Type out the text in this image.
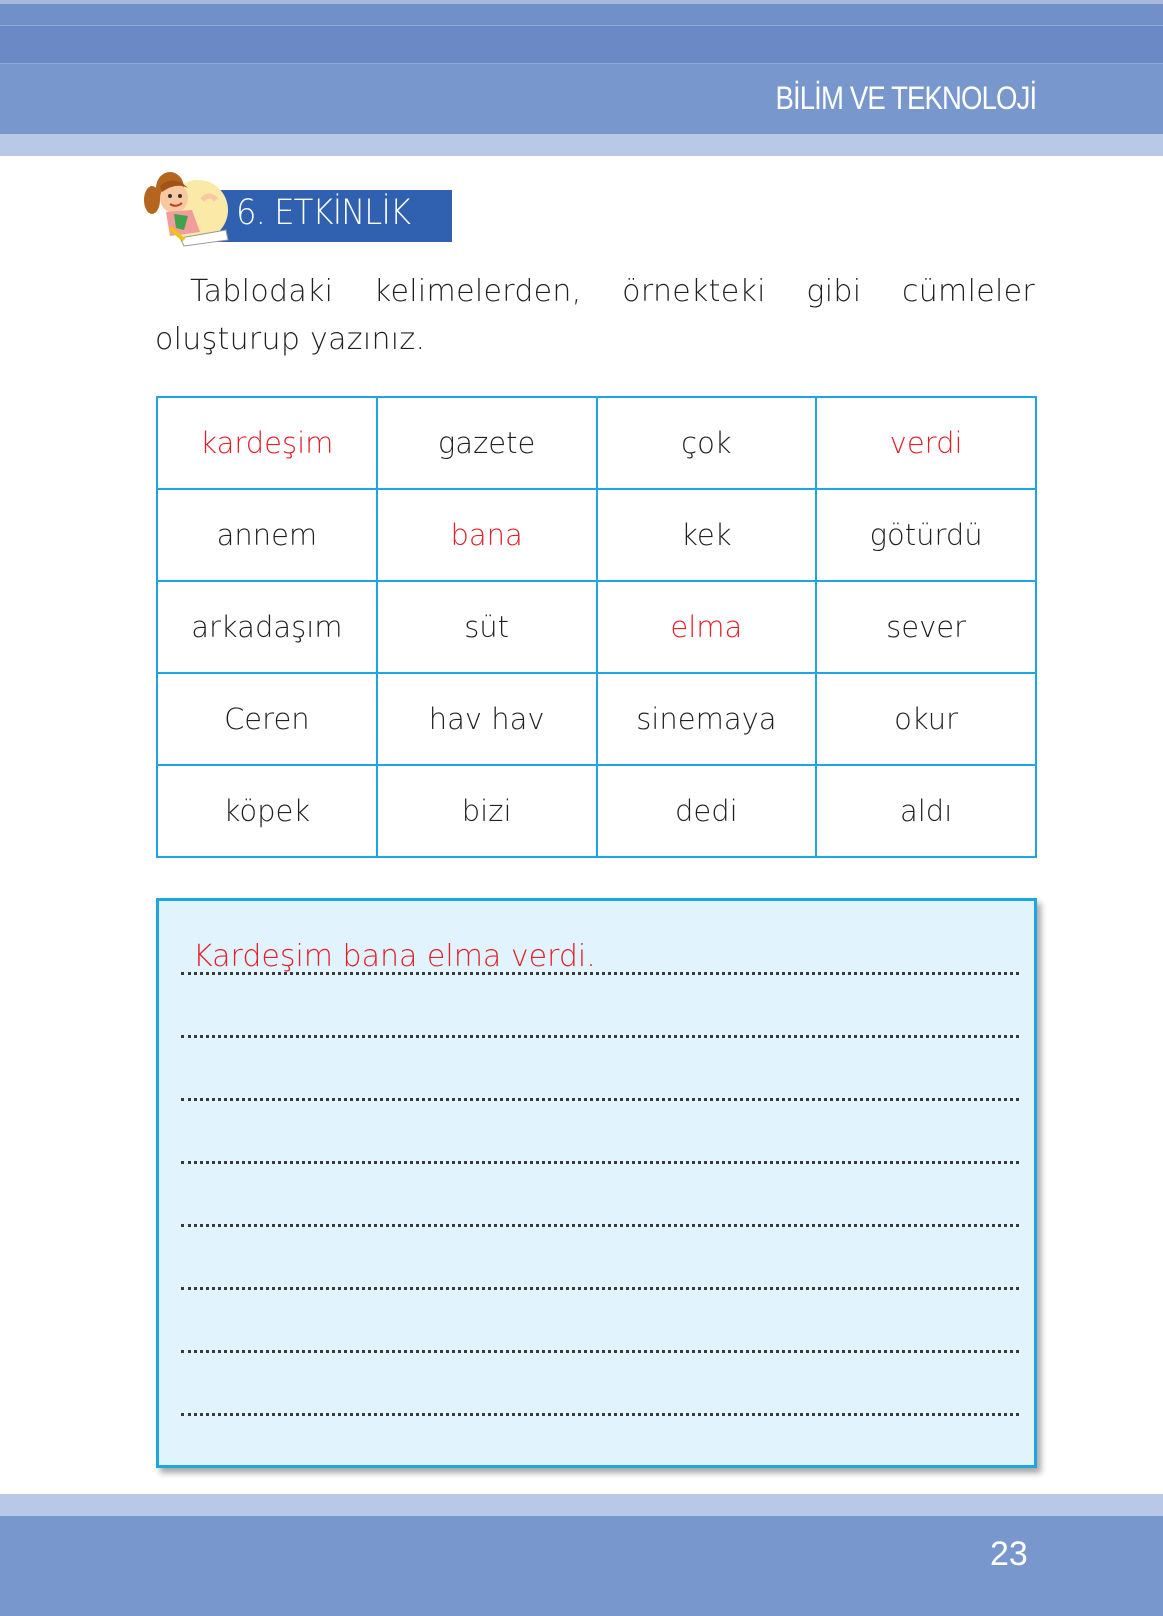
BİLİM VE TEKNOLOJİ
6. ETKİNLİK

Tablodaki kelimelerden, örnekteki gibi cümleler oluşturup yazınız.

kardeşim	gazete	çok	verdi
annem	bana	kek	götürdü
arkadaşım	süt	elma	sever
Ceren	hav hav	sinemaya	okur
köpek	bizi	dedi	aldı
Kardeşim bana elma verdi.
23
